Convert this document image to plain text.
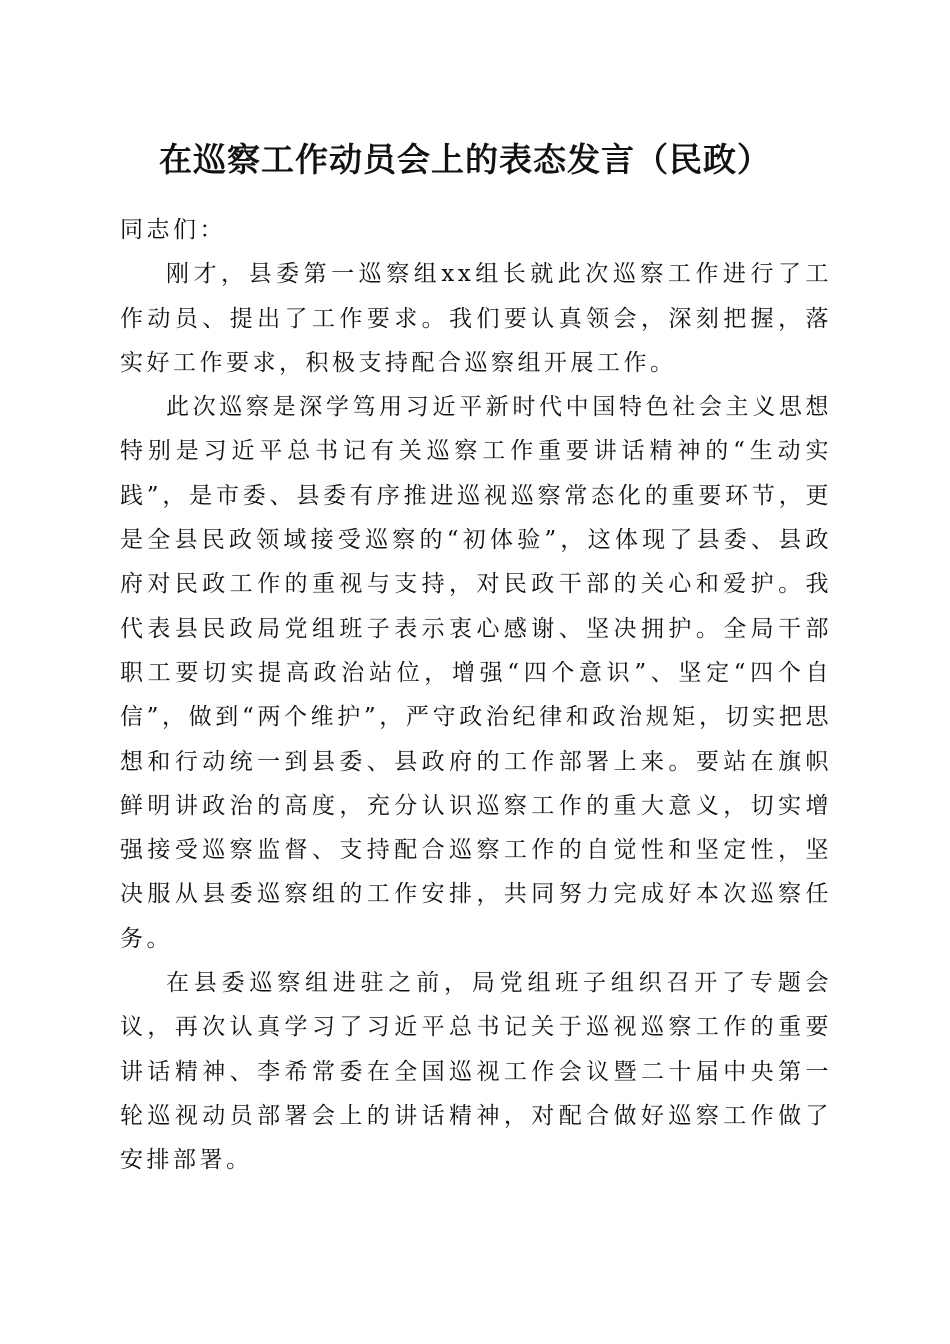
在巡察工作动员会上的表态发言（民政）

同志们：

刚才，县委第一巡察组xx组长就此次巡察工作进行了工作动员、提出了工作要求。我们要认真领会，深刻把握，落实好工作要求，积极支持配合巡察组开展工作。

此次巡察是深学笃用习近平新时代中国特色社会主义思想特别是习近平总书记有关巡察工作重要讲话精神的“生动实践”，是市委、县委有序推进巡视巡察常态化的重要环节，更是全县民政领域接受巡察的“初体验”，这体现了县委、县政府对民政工作的重视与支持，对民政干部的关心和爱护。我代表县民政局党组班子表示衷心感谢、坚决拥护。全局干部职工要切实提高政治站位，增强“四个意识”、坚定“四个自信”，做到“两个维护”，严守政治纪律和政治规矩，切实把思想和行动统一到县委、县政府的工作部署上来。要站在旗帜鲜明讲政治的高度，充分认识巡察工作的重大意义，切实增强接受巡察监督、支持配合巡察工作的自觉性和坚定性，坚决服从县委巡察组的工作安排，共同努力完成好本次巡察任务。

在县委巡察组进驻之前，局党组班子组织召开了专题会议，再次认真学习了习近平总书记关于巡视巡察工作的重要讲话精神、李希常委在全国巡视工作会议暨二十届中央第一轮巡视动员部署会上的讲话精神，对配合做好巡察工作做了安排部署。
